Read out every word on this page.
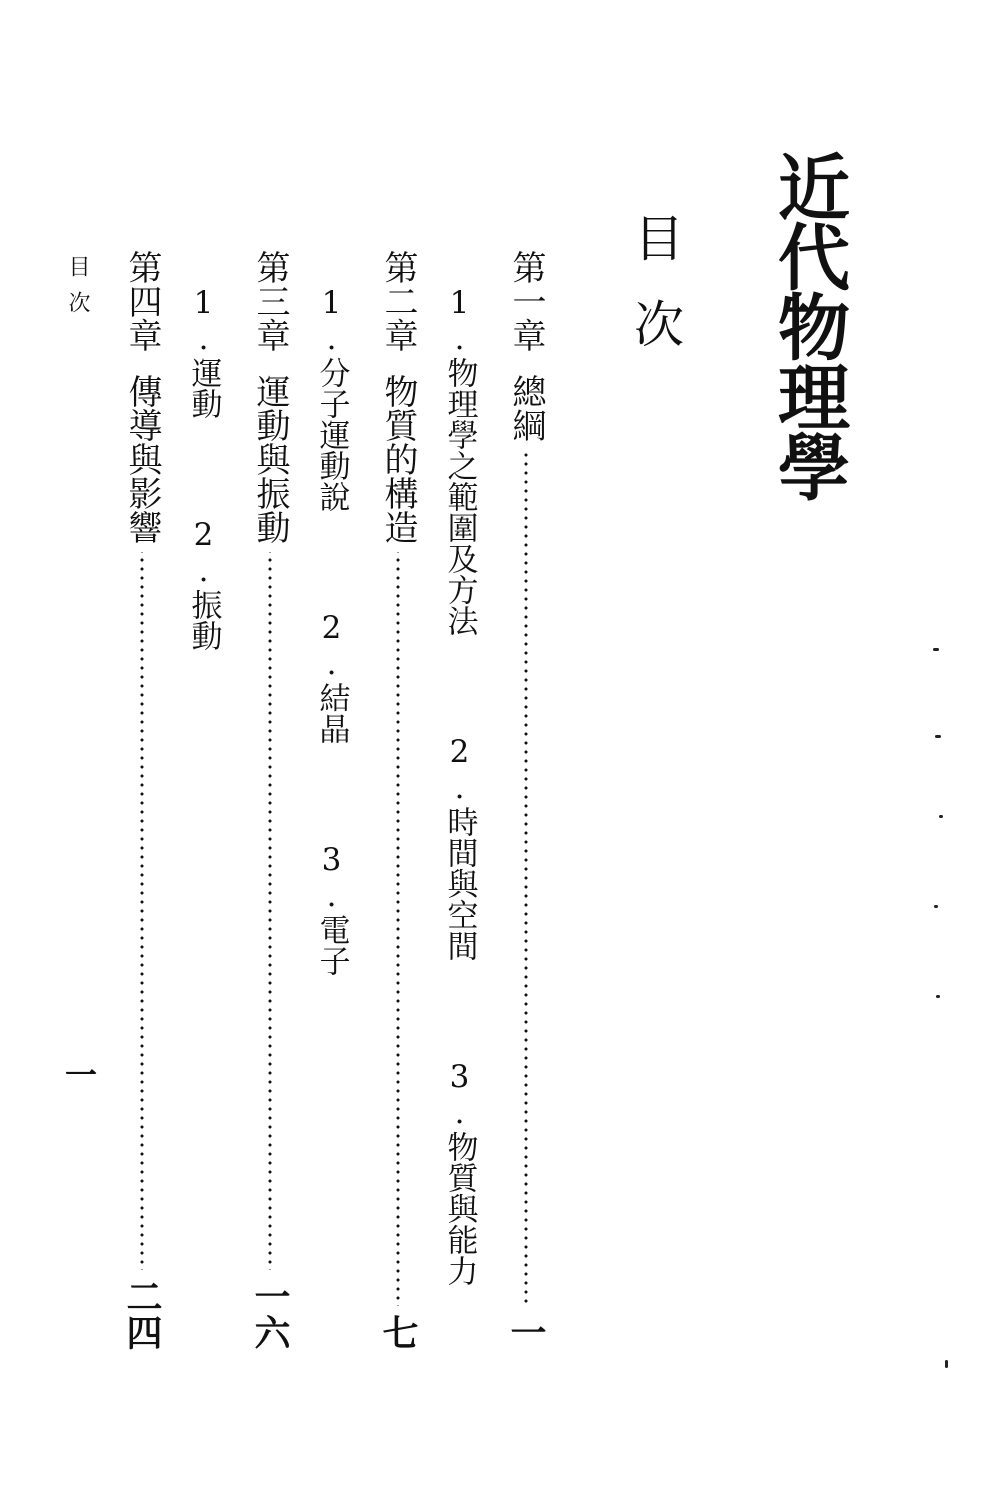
近代物理學
目次
第一章
總綱
一
1.物理學之範圍及方法  2.時間與空間  3.物質與能力
第二章
物質的構造
七
1.分子運動說  2.結晶  3.電子
第三章
運動與振動
一六
1.運動  2.振動
第四章
傳導與影響
二四
目次
一
